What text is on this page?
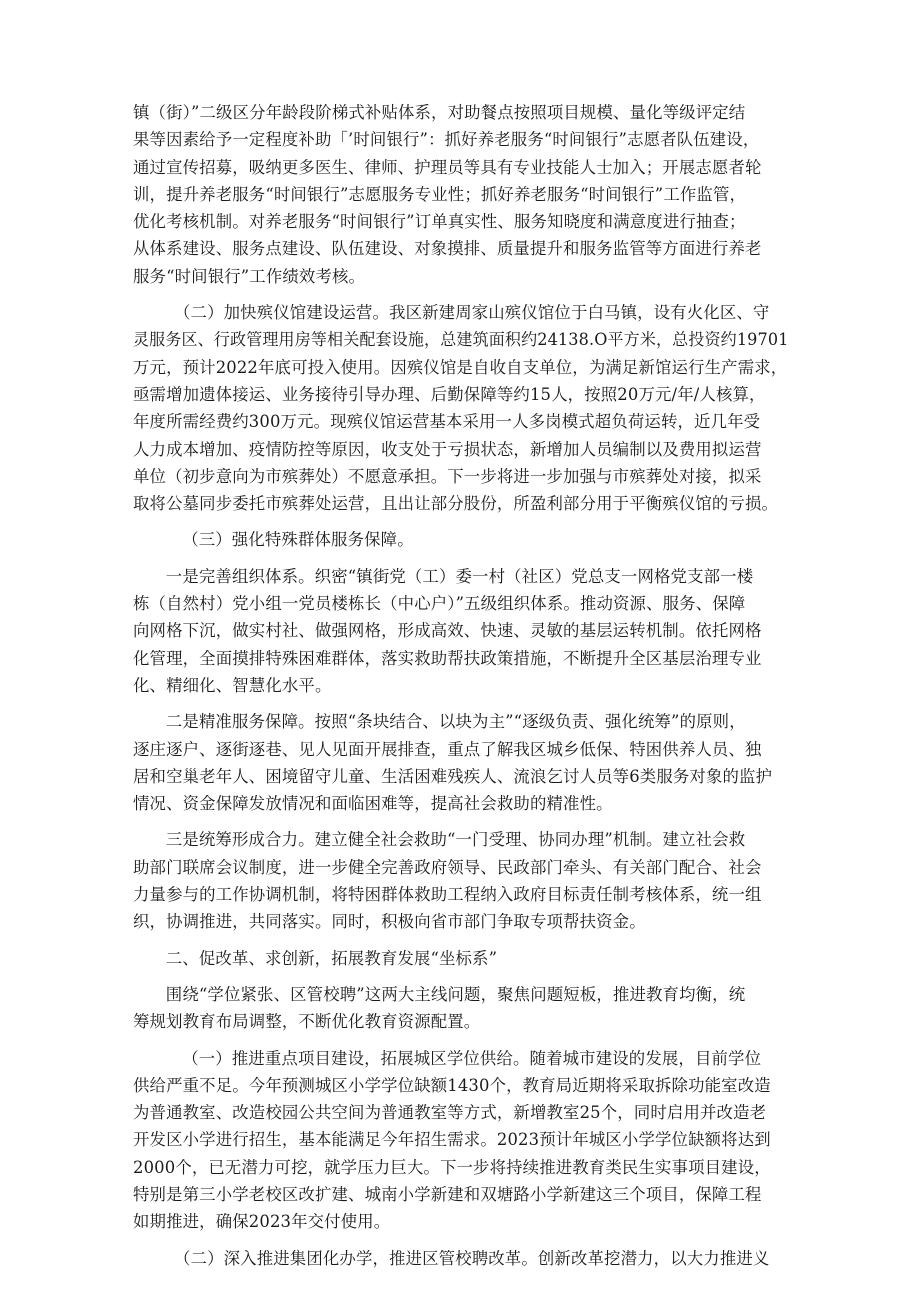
镇（街）”二级区分年龄段阶梯式补贴体系，对助餐点按照项目规模、量化等级评定结
果等因素给予一定程度补助「’时间银行”：抓好养老服务“时间银行”志愿者队伍建设，
通过宣传招募，吸纳更多医生、律师、护理员等具有专业技能人士加入；开展志愿者轮
训，提升养老服务“时间银行”志愿服务专业性；抓好养老服务“时间银行”工作监管，
优化考核机制。对养老服务“时间银行”订单真实性、服务知晓度和满意度进行抽查；
从体系建设、服务点建设、队伍建设、对象摸排、质量提升和服务监管等方面进行养老
服务“时间银行”工作绩效考核。

（二）加快殡仪馆建设运营。我区新建周家山殡仪馆位于白马镇，设有火化区、守
灵服务区、行政管理用房等相关配套设施，总建筑面积约24138.O平方米，总投资约19701
万元，预计2022年底可投入使用。因殡仪馆是自收自支单位，为满足新馆运行生产需求，
亟需增加遗体接运、业务接待引导办理、后勤保障等约15人，按照20万元/年/人核算，
年度所需经费约300万元。现殡仪馆运营基本采用一人多岗模式超负荷运转，近几年受
人力成本增加、疫情防控等原因，收支处于亏损状态，新增加人员编制以及费用拟运营
单位（初步意向为市殡葬处）不愿意承担。下一步将进一步加强与市殡葬处对接，拟采
取将公墓同步委托市殡葬处运营，且出让部分股份，所盈利部分用于平衡殡仪馆的亏损。

（三）强化特殊群体服务保障。

一是完善组织体系。织密“镇街党（工）委一村（社区）党总支一网格党支部一楼
栋（自然村）党小组一党员楼栋长（中心户）”五级组织体系。推动资源、服务、保障
向网格下沉，做实村社、做强网格，形成高效、快速、灵敏的基层运转机制。依托网格
化管理，全面摸排特殊困难群体，落实救助帮扶政策措施，不断提升全区基层治理专业
化、精细化、智慧化水平。

二是精准服务保障。按照“条块结合、以块为主”“逐级负责、强化统筹”的原则，
逐庄逐户、逐街逐巷、见人见面开展排查，重点了解我区城乡低保、特困供养人员、独
居和空巢老年人、困境留守儿童、生活困难残疾人、流浪乞讨人员等6类服务对象的监护
情况、资金保障发放情况和面临困难等，提高社会救助的精准性。

三是统筹形成合力。建立健全社会救助“一门受理、协同办理”机制。建立社会救
助部门联席会议制度，进一步健全完善政府领导、民政部门牵头、有关部门配合、社会
力量参与的工作协调机制，将特困群体救助工程纳入政府目标责任制考核体系，统一组
织，协调推进，共同落实。同时，积极向省市部门争取专项帮扶资金。

二、促改革、求创新，拓展教育发展“坐标系”

围绕“学位紧张、区管校聘”这两大主线问题，聚焦问题短板，推进教育均衡，统
筹规划教育布局调整，不断优化教育资源配置。

（一）推进重点项目建设，拓展城区学位供给。随着城市建设的发展，目前学位
供给严重不足。今年预测城区小学学位缺额1430个，教育局近期将采取拆除功能室改造
为普通教室、改造校园公共空间为普通教室等方式，新增教室25个，同时启用并改造老
开发区小学进行招生，基本能满足今年招生需求。2023预计年城区小学学位缺额将达到
2000个，已无潜力可挖，就学压力巨大。下一步将持续推进教育类民生实事项目建设，
特别是第三小学老校区改扩建、城南小学新建和双塘路小学新建这三个项目，保障工程
如期推进，确保2023年交付使用。

（二）深入推进集团化办学，推进区管校聘改革。创新改革挖潜力，以大力推进义
